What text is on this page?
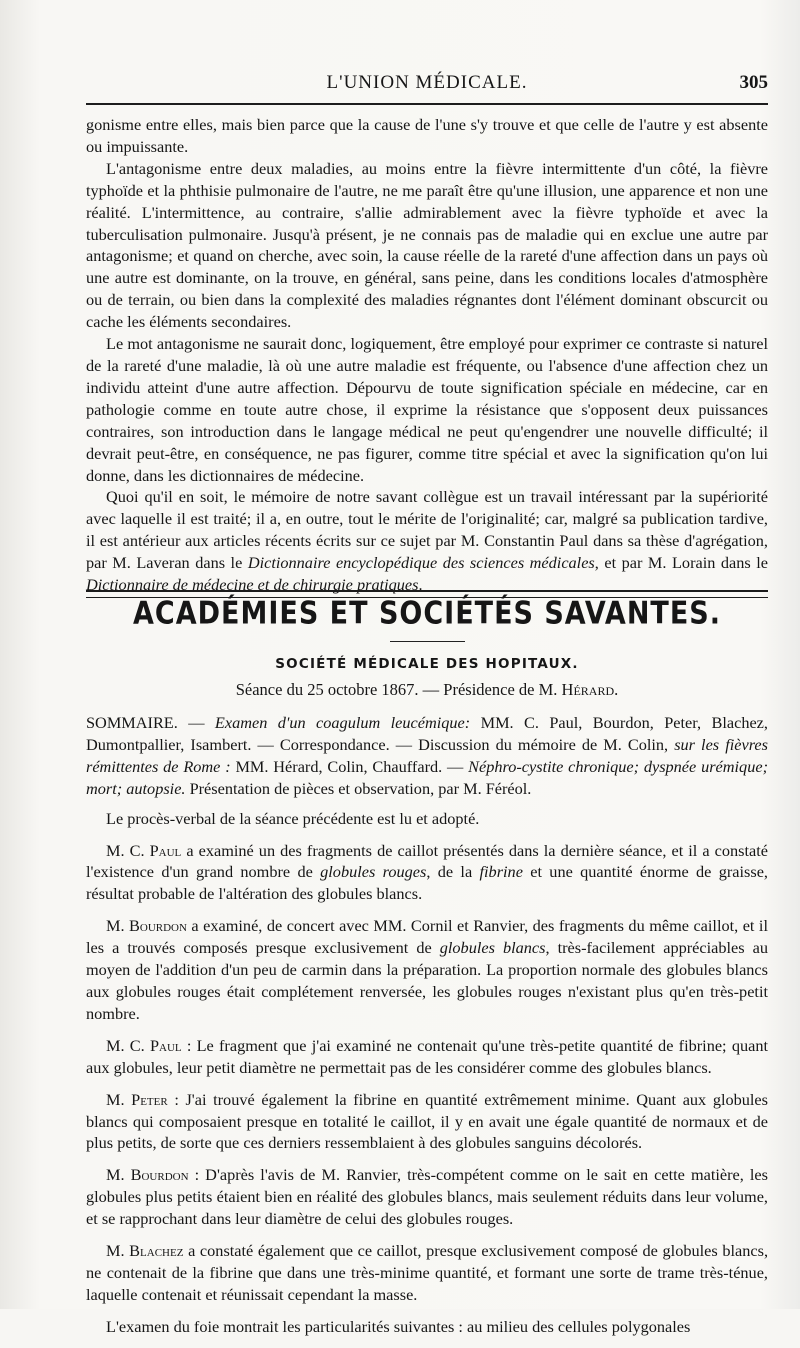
L'UNION MÉDICALE.	305

gonisme entre elles, mais bien parce que la cause de l'une s'y trouve et que celle de l'autre y est absente ou impuissante.

L'antagonisme entre deux maladies, au moins entre la fièvre intermittente d'un côté, la fièvre typhoïde et la phthisie pulmonaire de l'autre, ne me paraît être qu'une illusion, une apparence et non une réalité. L'intermittence, au contraire, s'allie admirablement avec la fièvre typhoïde et avec la tuberculisation pulmonaire. Jusqu'à présent, je ne connais pas de maladie qui en exclue une autre par antagonisme; et quand on cherche, avec soin, la cause réelle de la rareté d'une affection dans un pays où une autre est dominante, on la trouve, en général, sans peine, dans les conditions locales d'atmosphère ou de terrain, ou bien dans la complexité des maladies régnantes dont l'élément dominant obscurcit ou cache les éléments secondaires.

Le mot antagonisme ne saurait donc, logiquement, être employé pour exprimer ce contraste si naturel de la rareté d'une maladie, là où une autre maladie est fréquente, ou l'absence d'une affection chez un individu atteint d'une autre affection. Dépourvu de toute signification spéciale en médecine, car en pathologie comme en toute autre chose, il exprime la résistance que s'opposent deux puissances contraires, son introduction dans le langage médical ne peut qu'engendrer une nouvelle difficulté; il devrait peut-être, en conséquence, ne pas figurer, comme titre spécial et avec la signification qu'on lui donne, dans les dictionnaires de médecine.

Quoi qu'il en soit, le mémoire de notre savant collègue est un travail intéressant par la supériorité avec laquelle il est traité; il a, en outre, tout le mérite de l'originalité; car, malgré sa publication tardive, il est antérieur aux articles récents écrits sur ce sujet par M. Constantin Paul dans sa thèse d'agrégation, par M. Laveran dans le Dictionnaire encyclopédique des sciences médicales, et par M. Lorain dans le Dictionnaire de médecine et de chirurgie pratiques.

ACADÉMIES ET SOCIÉTÉS SAVANTES.
SOCIÉTÉ MÉDICALE DES HOPITAUX.
Séance du 25 octobre 1867. — Présidence de M. Hérard.

SOMMAIRE. — Examen d'un coagulum leucémique: MM. C. Paul, Bourdon, Peter, Blachez, Dumontpallier, Isambert. — Correspondance. — Discussion du mémoire de M. Colin, sur les fièvres rémittentes de Rome : MM. Hérard, Colin, Chauffard. — Néphro-cystite chronique; dyspnée urémique; mort; autopsie. Présentation de pièces et observation, par M. Féréol.

Le procès-verbal de la séance précédente est lu et adopté.

M. C. Paul a examiné un des fragments de caillot présentés dans la dernière séance, et il a constaté l'existence d'un grand nombre de globules rouges, de la fibrine et une quantité énorme de graisse, résultat probable de l'altération des globules blancs.

M. Bourdon a examiné, de concert avec MM. Cornil et Ranvier, des fragments du même caillot, et il les a trouvés composés presque exclusivement de globules blancs, très-facilement appréciables au moyen de l'addition d'un peu de carmin dans la préparation. La proportion normale des globules blancs aux globules rouges était complétement renversée, les globules rouges n'existant plus qu'en très-petit nombre.

M. C. Paul : Le fragment que j'ai examiné ne contenait qu'une très-petite quantité de fibrine; quant aux globules, leur petit diamètre ne permettait pas de les considérer comme des globules blancs.

M. Peter : J'ai trouvé également la fibrine en quantité extrêmement minime. Quant aux globules blancs qui composaient presque en totalité le caillot, il y en avait une égale quantité de normaux et de plus petits, de sorte que ces derniers ressemblaient à des globules sanguins décolorés.

M. Bourdon : D'après l'avis de M. Ranvier, très-compétent comme on le sait en cette matière, les globules plus petits étaient bien en réalité des globules blancs, mais seulement réduits dans leur volume, et se rapprochant dans leur diamètre de celui des globules rouges.

M. Blachez a constaté également que ce caillot, presque exclusivement composé de globules blancs, ne contenait de la fibrine que dans une très-minime quantité, et formant une sorte de trame très-ténue, laquelle contenait et réunissait cependant la masse.

L'examen du foie montrait les particularités suivantes : au milieu des cellules polygonales
